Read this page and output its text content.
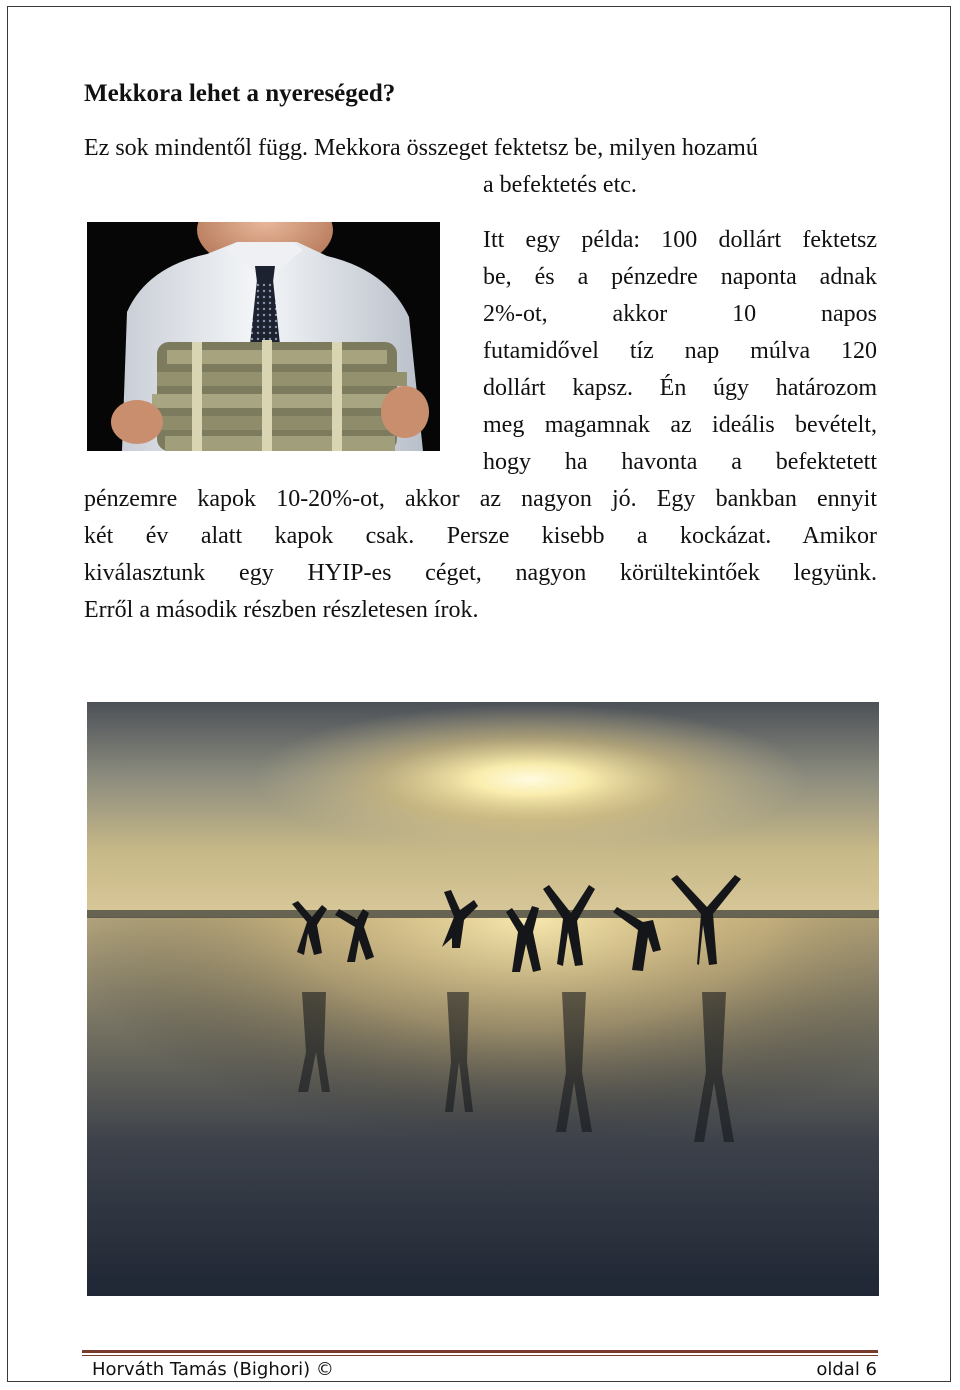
Mekkora lehet a nyereséged?

Ez sok mindentől függ. Mekkora összeget fektetsz be, milyen hozamú

a befektetés etc.

Itt egy példa: 100 dollárt fektetsz

be, és a pénzedre naponta adnak

2%-ot, akkor 10 napos

futamidővel tíz nap múlva 120

dollárt kapsz. Én úgy határozom

meg magamnak az ideális bevételt,

hogy ha havonta a befektetett

pénzemre kapok 10-20%-ot, akkor az nagyon jó. Egy bankban ennyit

két év alatt kapok csak. Persze kisebb a kockázat. Amikor

kiválasztunk egy HYIP-es céget, nagyon körültekintőek legyünk.

Erről a második részben részletesen írok.

Horváth Tamás (Bighori) ©	oldal 6
